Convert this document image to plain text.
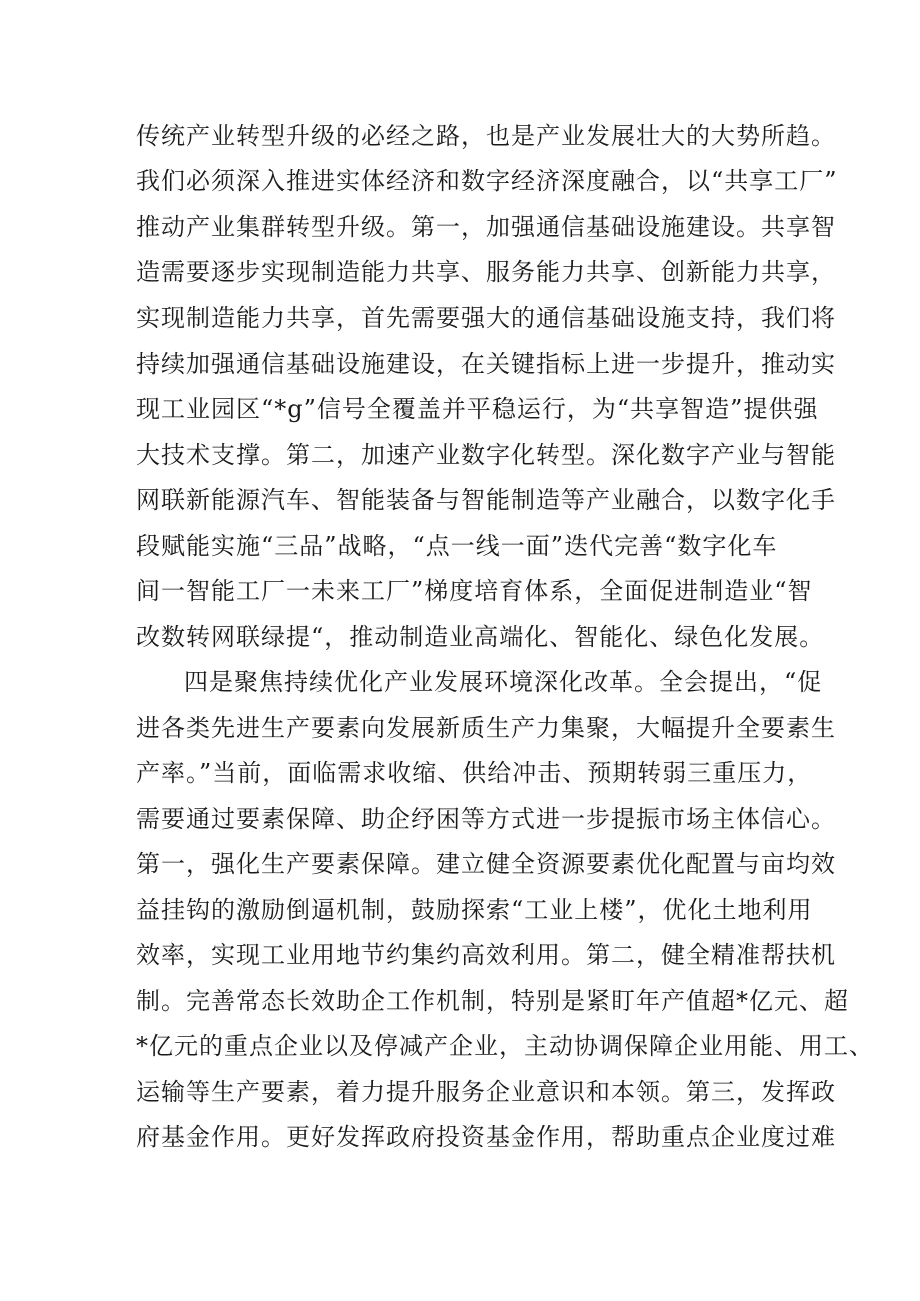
传统产业转型升级的必经之路，也是产业发展壮大的大势所趋。
我们必须深入推进实体经济和数字经济深度融合，以“共享工厂”
推动产业集群转型升级。第一，加强通信基础设施建设。共享智
造需要逐步实现制造能力共享、服务能力共享、创新能力共享，
实现制造能力共享，首先需要强大的通信基础设施支持，我们将
持续加强通信基础设施建设，在关键指标上进一步提升，推动实
现工业园区“*g”信号全覆盖并平稳运行，为“共享智造”提供强
大技术支撑。第二，加速产业数字化转型。深化数字产业与智能
网联新能源汽车、智能装备与智能制造等产业融合，以数字化手
段赋能实施“三品”战略，“点一线一面”迭代完善“数字化车
间一智能工厂一未来工厂”梯度培育体系，全面促进制造业“智
改数转网联绿提“，推动制造业高端化、智能化、绿色化发展。
四是聚焦持续优化产业发展环境深化改革。全会提出，“促
进各类先进生产要素向发展新质生产力集聚，大幅提升全要素生
产率。”当前，面临需求收缩、供给冲击、预期转弱三重压力，
需要通过要素保障、助企纾困等方式进一步提振市场主体信心。
第一，强化生产要素保障。建立健全资源要素优化配置与亩均效
益挂钩的激励倒逼机制，鼓励探索“工业上楼”，优化土地利用
效率，实现工业用地节约集约高效利用。第二，健全精准帮扶机
制。完善常态长效助企工作机制，特别是紧盯年产值超*亿元、超
*亿元的重点企业以及停减产企业，主动协调保障企业用能、用工、
运输等生产要素，着力提升服务企业意识和本领。第三，发挥政
府基金作用。更好发挥政府投资基金作用，帮助重点企业度过难
